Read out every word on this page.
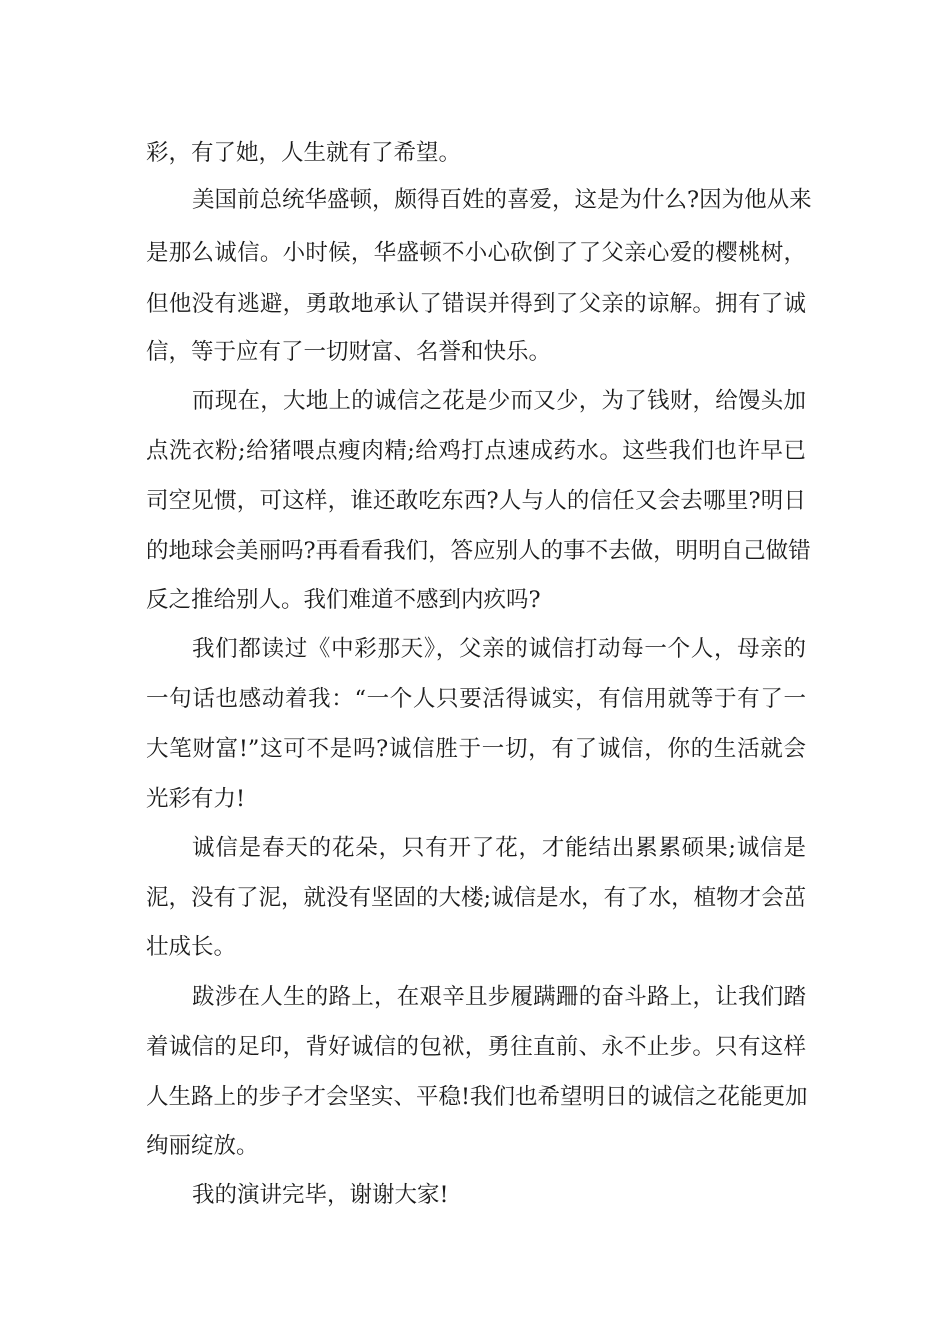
彩，有了她，人生就有了希望。
美国前总统华盛顿，颇得百姓的喜爱，这是为什么?因为他从来
是那么诚信。小时候，华盛顿不小心砍倒了了父亲心爱的樱桃树，
但他没有逃避，勇敢地承认了错误并得到了父亲的谅解。拥有了诚
信，等于应有了一切财富、名誉和快乐。
而现在，大地上的诚信之花是少而又少，为了钱财，给馒头加
点洗衣粉;给猪喂点瘦肉精;给鸡打点速成药水。这些我们也许早已
司空见惯，可这样，谁还敢吃东西?人与人的信任又会去哪里?明日
的地球会美丽吗?再看看我们，答应别人的事不去做，明明自己做错
反之推给别人。我们难道不感到内疚吗?
我们都读过《中彩那天》，父亲的诚信打动每一个人，母亲的
一句话也感动着我：“一个人只要活得诚实，有信用就等于有了一
大笔财富!”这可不是吗?诚信胜于一切，有了诚信，你的生活就会
光彩有力!
诚信是春天的花朵，只有开了花，才能结出累累硕果;诚信是
泥，没有了泥，就没有坚固的大楼;诚信是水，有了水，植物才会茁
壮成长。
跋涉在人生的路上，在艰辛且步履蹒跚的奋斗路上，让我们踏
着诚信的足印，背好诚信的包袱，勇往直前、永不止步。只有这样
人生路上的步子才会坚实、平稳!我们也希望明日的诚信之花能更加
绚丽绽放。
我的演讲完毕，谢谢大家!
